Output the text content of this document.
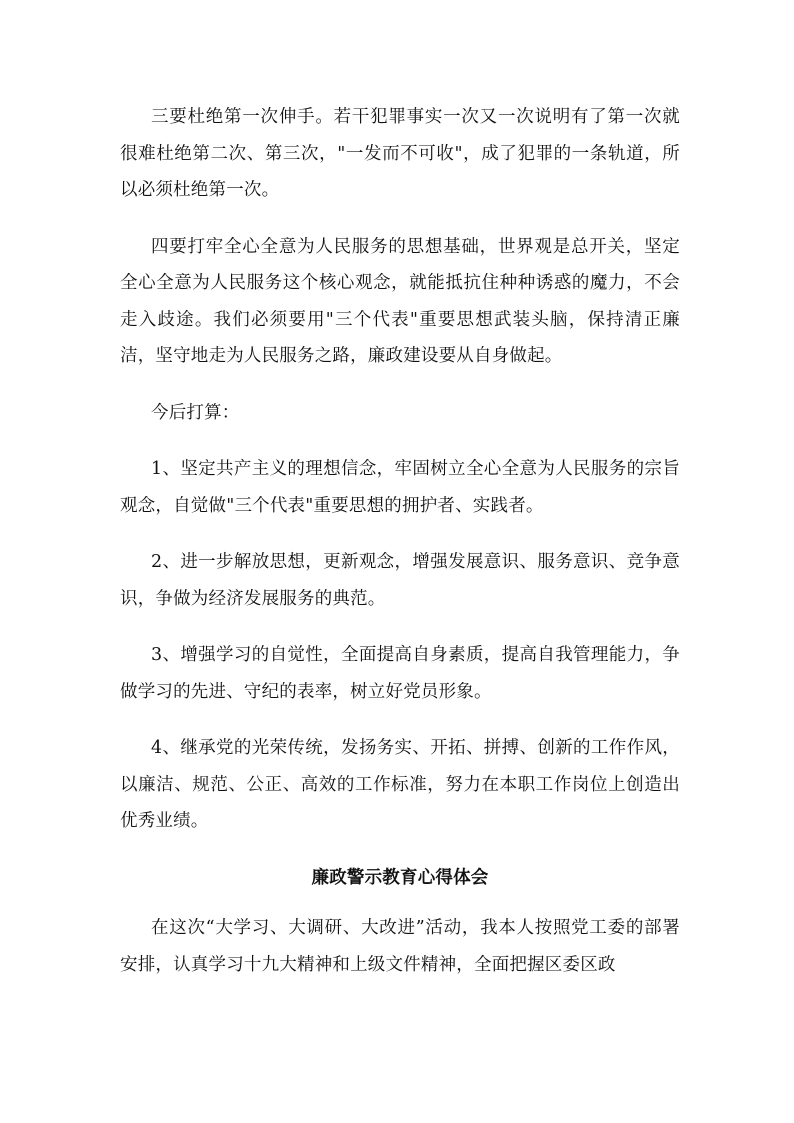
三要杜绝第一次伸手。若干犯罪事实一次又一次说明有了第一次就很难杜绝第二次、第三次，"一发而不可收"，成了犯罪的一条轨道，所以必须杜绝第一次。

四要打牢全心全意为人民服务的思想基础，世界观是总开关，坚定全心全意为人民服务这个核心观念，就能抵抗住种种诱惑的魔力，不会走入歧途。我们必须要用"三个代表"重要思想武装头脑，保持清正廉洁，坚守地走为人民服务之路，廉政建设要从自身做起。

今后打算：

1、坚定共产主义的理想信念，牢固树立全心全意为人民服务的宗旨观念，自觉做"三个代表"重要思想的拥护者、实践者。

2、进一步解放思想，更新观念，增强发展意识、服务意识、竞争意识，争做为经济发展服务的典范。

3、增强学习的自觉性，全面提高自身素质，提高自我管理能力，争做学习的先进、守纪的表率，树立好党员形象。

4、继承党的光荣传统，发扬务实、开拓、拼搏、创新的工作作风，以廉洁、规范、公正、高效的工作标准，努力在本职工作岗位上创造出优秀业绩。

廉政警示教育心得体会

在这次“大学习、大调研、大改进”活动，我本人按照党工委的部署安排，认真学习十九大精神和上级文件精神，全面把握区委区政
